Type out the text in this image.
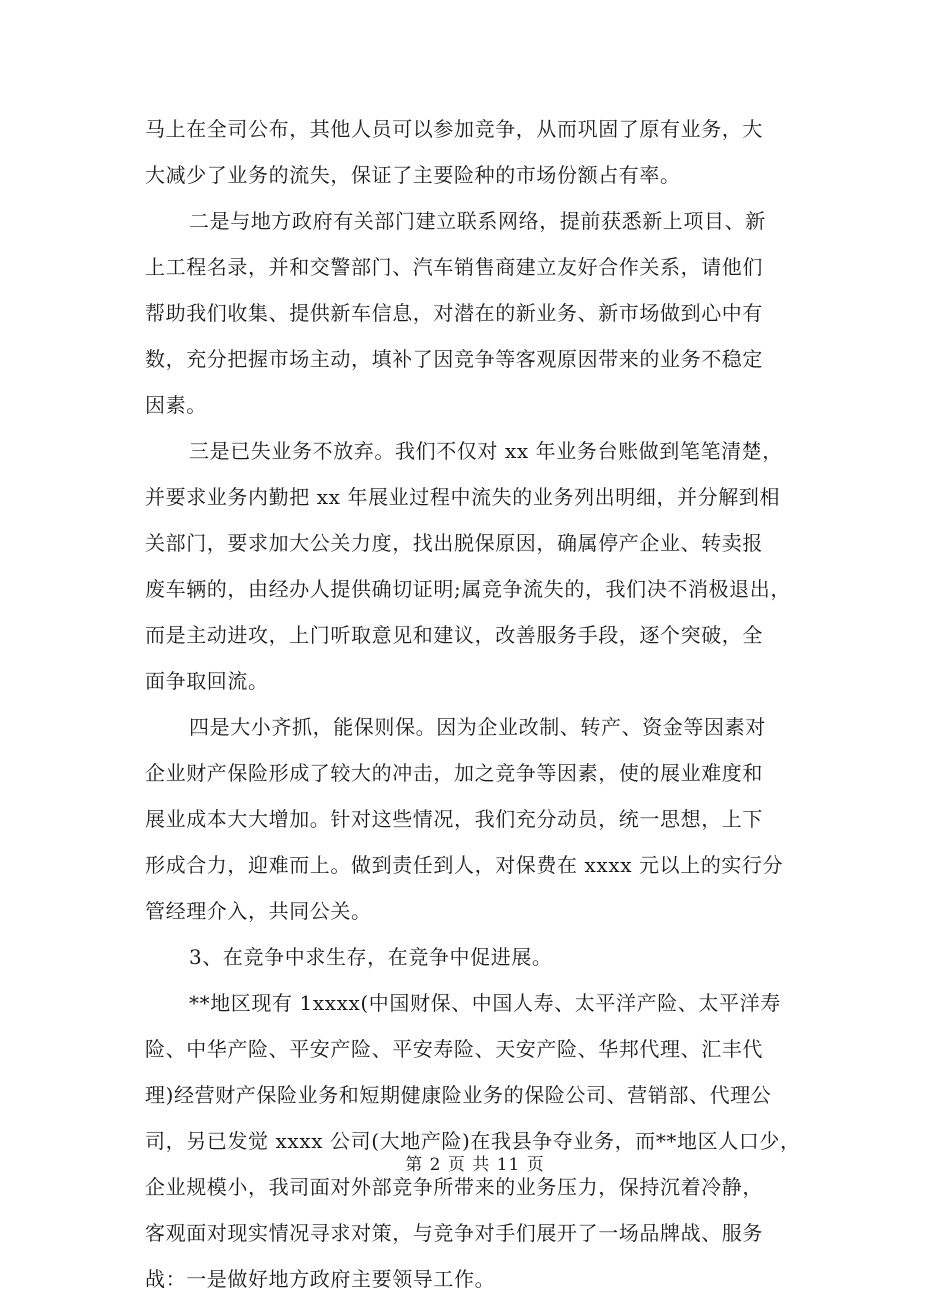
马上在全司公布，其他人员可以参加竞争，从而巩固了原有业务，大
大减少了业务的流失，保证了主要险种的市场份额占有率。
二是与地方政府有关部门建立联系网络，提前获悉新上项目、新
上工程名录，并和交警部门、汽车销售商建立友好合作关系，请他们
帮助我们收集、提供新车信息，对潜在的新业务、新市场做到心中有
数，充分把握市场主动，填补了因竞争等客观原因带来的业务不稳定
因素。
三是已失业务不放弃。我们不仅对 xx 年业务台账做到笔笔清楚，
并要求业务内勤把 xx 年展业过程中流失的业务列出明细，并分解到相
关部门，要求加大公关力度，找出脱保原因，确属停产企业、转卖报
废车辆的，由经办人提供确切证明;属竞争流失的，我们决不消极退出，
而是主动进攻，上门听取意见和建议，改善服务手段，逐个突破，全
面争取回流。
四是大小齐抓，能保则保。因为企业改制、转产、资金等因素对
企业财产保险形成了较大的冲击，加之竞争等因素，使的展业难度和
展业成本大大增加。针对这些情况，我们充分动员，统一思想，上下
形成合力，迎难而上。做到责任到人，对保费在 xxxx 元以上的实行分
管经理介入，共同公关。
3、在竞争中求生存，在竞争中促进展。
**地区现有 1xxxx(中国财保、中国人寿、太平洋产险、太平洋寿
险、中华产险、平安产险、平安寿险、天安产险、华邦代理、汇丰代
理)经营财产保险业务和短期健康险业务的保险公司、营销部、代理公
司，另已发觉 xxxx 公司(大地产险)在我县争夺业务，而**地区人口少，
企业规模小，我司面对外部竞争所带来的业务压力，保持沉着冷静，
客观面对现实情况寻求对策，与竞争对手们展开了一场品牌战、服务
战：一是做好地方政府主要领导工作。
第 2 页 共 11 页
